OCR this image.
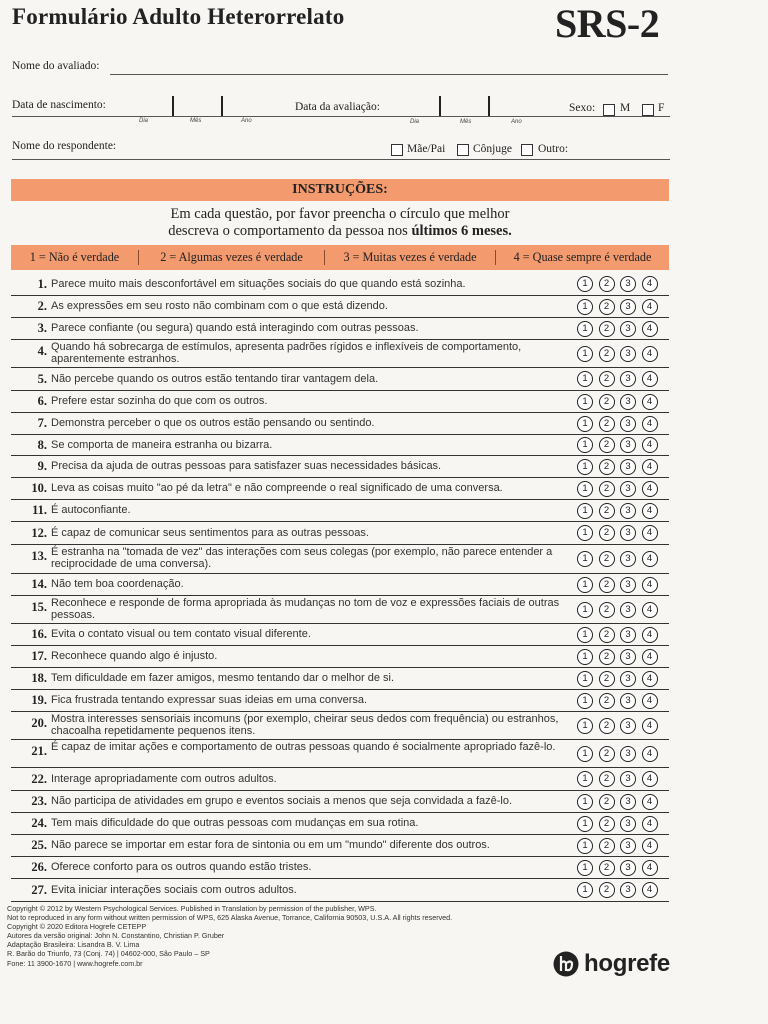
Formulário Adulto Heterorrelato	SRS-2
Nome do avaliado:
Data de nascimento:
Dia	Mês	Ano
Data da avaliação:
Dia	Mês	Ano
Sexo: M F
Nome do respondente:	Mãe/Pai Cônjuge Outro:
INSTRUÇÕES:
Em cada questão, por favor preencha o círculo que melhor
descreva o comportamento da pessoa nos últimos 6 meses.
1 = Não é verdade	2 = Algumas vezes é verdade	3 = Muitas vezes é verdade	4 = Quase sempre é verdade
1. Parece muito mais desconfortável em situações sociais do que quando está sozinha.	1	2	3	4
2. As expressões em seu rosto não combinam com o que está dizendo.	1	2	3	4
3. Parece confiante (ou segura) quando está interagindo com outras pessoas.	1	2	3	4
4. Quando há sobrecarga de estímulos, apresenta padrões rígidos e inflexíveis de comportamento, aparentemente estranhos.	1	2	3	4
5. Não percebe quando os outros estão tentando tirar vantagem dela.	1	2	3	4
6. Prefere estar sozinha do que com os outros.	1	2	3	4
7. Demonstra perceber o que os outros estão pensando ou sentindo.	1	2	3	4
8. Se comporta de maneira estranha ou bizarra.	1	2	3	4
9. Precisa da ajuda de outras pessoas para satisfazer suas necessidades básicas.	1	2	3	4
10. Leva as coisas muito "ao pé da letra" e não compreende o real significado de uma conversa.	1	2	3	4
11. É autoconfiante.	1	2	3	4
12. É capaz de comunicar seus sentimentos para as outras pessoas.	1	2	3	4
13. É estranha na "tomada de vez" das interações com seus colegas (por exemplo, não parece entender a reciprocidade de uma conversa).	1	2	3	4
14. Não tem boa coordenação.	1	2	3	4
15. Reconhece e responde de forma apropriada às mudanças no tom de voz e expressões faciais de outras pessoas.	1	2	3	4
16. Evita o contato visual ou tem contato visual diferente.	1	2	3	4
17. Reconhece quando algo é injusto.	1	2	3	4
18. Tem dificuldade em fazer amigos, mesmo tentando dar o melhor de si.	1	2	3	4
19. Fica frustrada tentando expressar suas ideias em uma conversa.	1	2	3	4
20. Mostra interesses sensoriais incomuns (por exemplo, cheirar seus dedos com frequência) ou estranhos, chacoalha repetidamente pequenos itens.	1	2	3	4
21. É capaz de imitar ações e comportamento de outras pessoas quando é socialmente apropriado fazê-lo.	1	2	3	4
22. Interage apropriadamente com outros adultos.	1	2	3	4
23. Não participa de atividades em grupo e eventos sociais a menos que seja convidada a fazê-lo.	1	2	3	4
24. Tem mais dificuldade do que outras pessoas com mudanças em sua rotina.	1	2	3	4
25. Não parece se importar em estar fora de sintonia ou em um "mundo" diferente dos outros.	1	2	3	4
26. Oferece conforto para os outros quando estão tristes.	1	2	3	4
27. Evita iniciar interações sociais com outros adultos.	1	2	3	4
Copyright © 2012 by Western Psychological Services. Published in Translation by permission of the publisher, WPS.
Not to reproduced in any form without written permission of WPS, 625 Alaska Avenue, Torrance, California 90503, U.S.A. All rights reserved.
Copyright © 2020 Editora Hogrefe CETEPP
Autores da versão original: John N. Constantino, Christian P. Gruber
Adaptação Brasileira: Lisandra B. V. Lima
R. Barão do Triunfo, 73 (Conj. 74) | 04602-000, São Paulo – SP
Fone: 11 3900-1670 | www.hogrefe.com.br	hogrefe
